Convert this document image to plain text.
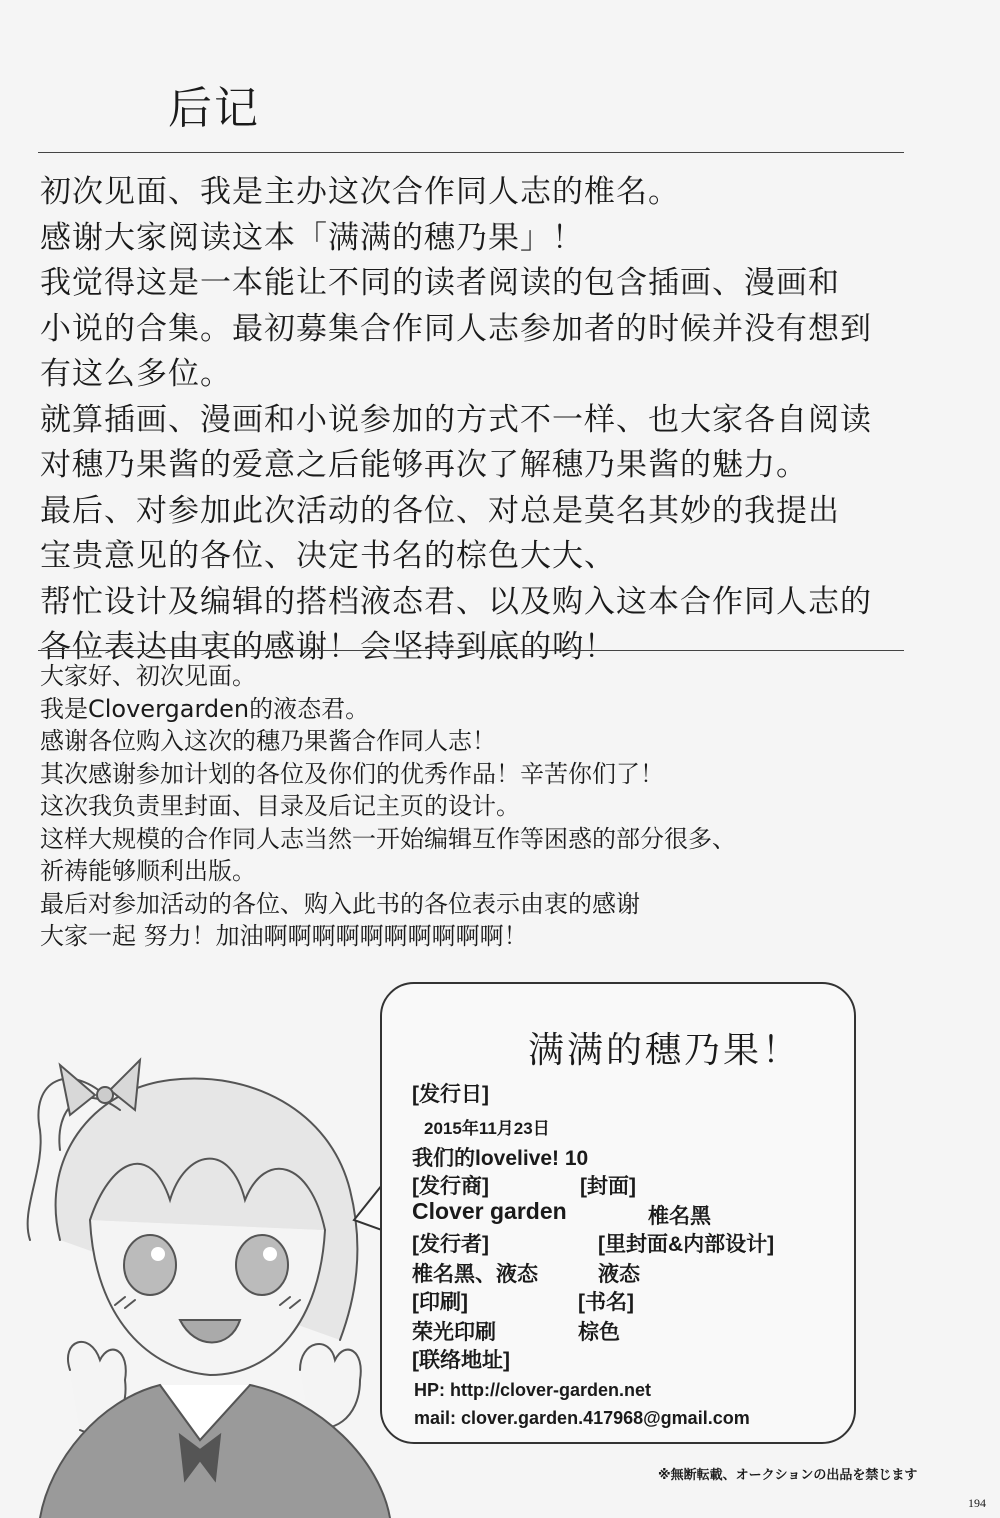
后记
初次见面、我是主办这次合作同人志的椎名。
感谢大家阅读这本「满满的穗乃果」！
我觉得这是一本能让不同的读者阅读的包含插画、漫画和
小说的合集。最初募集合作同人志参加者的时候并没有想到
有这么多位。
就算插画、漫画和小说参加的方式不一样、也大家各自阅读
对穗乃果酱的爱意之后能够再次了解穗乃果酱的魅力。
最后、对参加此次活动的各位、对总是莫名其妙的我提出
宝贵意见的各位、决定书名的棕色大大、
帮忙设计及编辑的搭档液态君、以及购入这本合作同人志的
各位表达由衷的感谢！会坚持到底的哟！
大家好、初次见面。
我是Clovergarden的液态君。
感谢各位购入这次的穗乃果酱合作同人志！
其次感谢参加计划的各位及你们的优秀作品！辛苦你们了！
这次我负责里封面、目录及后记主页的设计。
这样大规模的合作同人志当然一开始编辑互作等困惑的部分很多、
祈祷能够顺利出版。
最后对参加活动的各位、购入此书的各位表示由衷的感谢
大家一起 努力！加油啊啊啊啊啊啊啊啊啊啊！
满满的穗乃果！
[发行日]
2015年11月23日
我们的lovelive! 10
[发行商]	[封面]
Clover garden	椎名黑
[发行者]	[里封面&内部设计]
椎名黑、液态	液态
[印刷]	[书名]
荣光印刷	棕色
[联络地址]
HP: http://clover-garden.net
mail: clover.garden.417968@gmail.com
※無断転載、オークションの出品を禁じます
194
